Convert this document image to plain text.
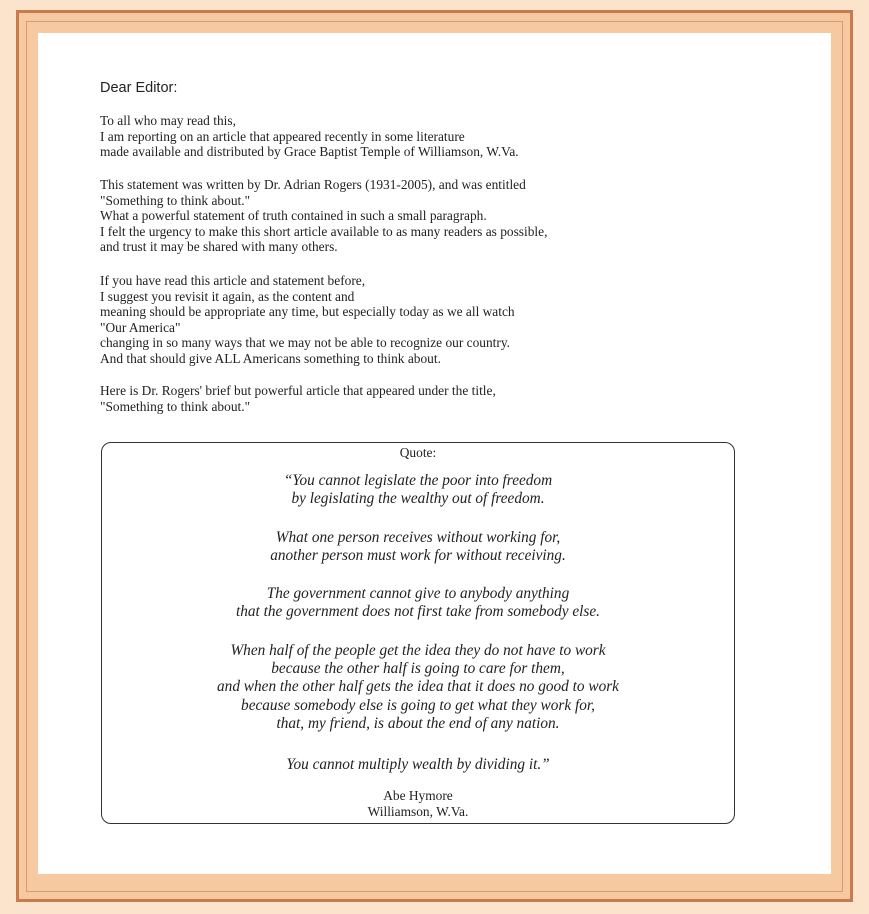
Dear Editor:

To all who may read this,
I am reporting on an article that appeared recently in some literature
made available and distributed by Grace Baptist Temple of Williamson, W.Va.

This statement was written by Dr. Adrian Rogers (1931-2005), and was entitled
"Something to think about."
What a powerful statement of truth contained in such a small paragraph.
I felt the urgency to make this short article available to as many readers as possible,
and trust it may be shared with many others.

If you have read this article and statement before,
I suggest you revisit it again, as the content and
meaning should be appropriate any time, but especially today as we all watch
"Our America"
changing in so many ways that we may not be able to recognize our country.
And that should give ALL Americans something to think about.

Here is Dr. Rogers' brief but powerful article that appeared under the title,
"Something to think about."

Quote:
“You cannot legislate the poor into freedom
by legislating the wealthy out of freedom.
What one person receives without working for,
another person must work for without receiving.
The government cannot give to anybody anything
that the government does not first take from somebody else.
When half of the people get the idea they do not have to work
because the other half is going to care for them,
and when the other half gets the idea that it does no good to work
because somebody else is going to get what they work for,
that, my friend, is about the end of any nation.
You cannot multiply wealth by dividing it.”
Abe Hymore
Williamson, W.Va.
